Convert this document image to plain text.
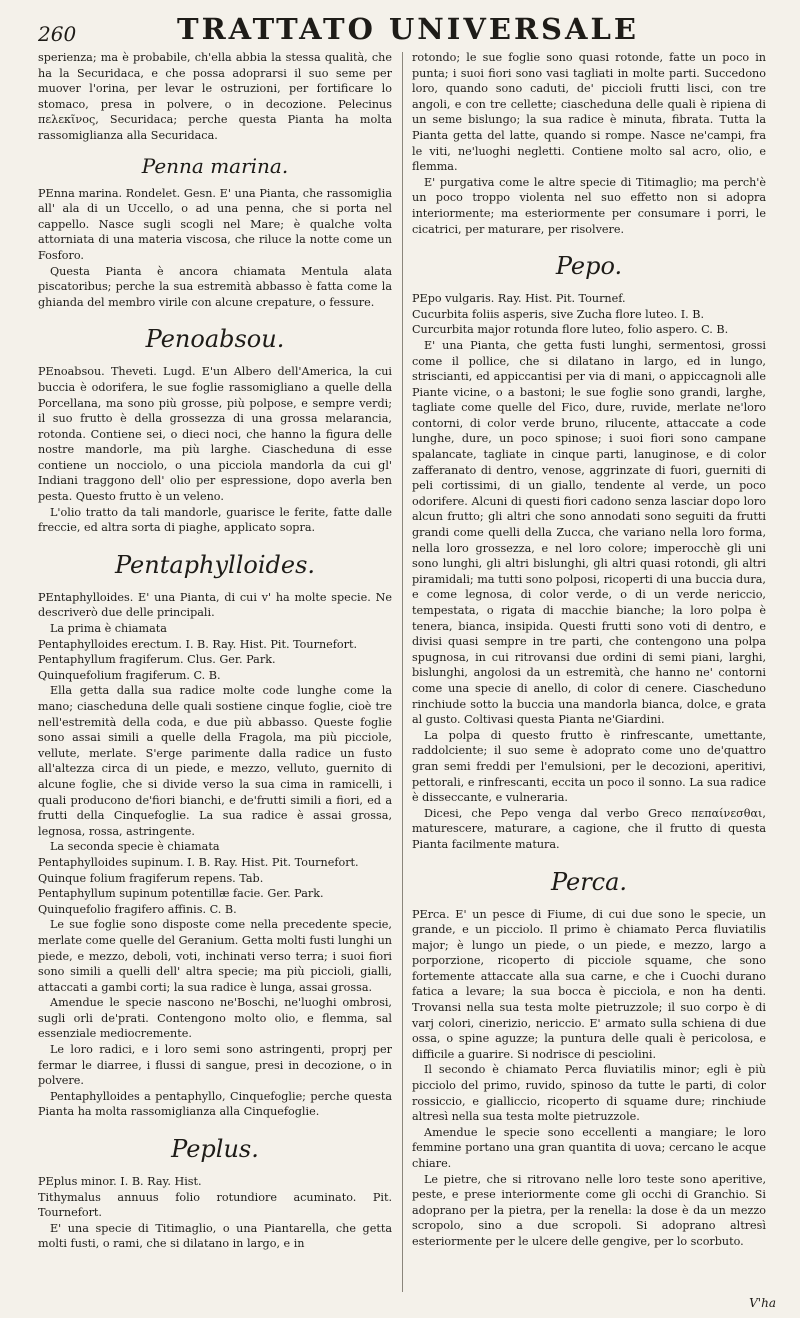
260	TRATTATO UNIVERSALE

sperienza; ma è probabile, ch'ella abbia la stessa qualità, che ha la Securidaca, e che possa adoprarsi il suo seme per muover l'orina, per levar le ostruzioni, per fortificare lo stomaco, presa in polvere, o in decozione. Pelecinus πελεκῖνος, Securidaca; perche questa Pianta ha molta rassomiglianza alla Securidaca.

Penna marina.

PEnna marina. Rondelet. Gesn. E' una Pianta, che rassomiglia all' ala di un Uccello, o ad una penna, che si porta nel cappello. Nasce sugli scogli nel Mare; è qualche volta attorniata di una materia viscosa, che riluce la notte come un Fosforo.

Questa Pianta è ancora chiamata Mentula alata piscatoribus; perche la sua estremità abbasso è fatta come la ghianda del membro virile con alcune crepature, o fessure.

Penoabsou.

PEnoabsou. Theveti. Lugd. E'un Albero dell'America, la cui buccia è odorifera, le sue foglie rassomigliano a quelle della Porcellana, ma sono più grosse, più polpose, e sempre verdi; il suo frutto è della grossezza di una grossa melarancia, rotonda. Contiene sei, o dieci noci, che hanno la figura delle nostre mandorle, ma più larghe. Ciascheduna di esse contiene un nocciolo, o una picciola mandorla da cui gl' Indiani traggono dell' olio per espressione, dopo averla ben pesta. Questo frutto è un veleno.

L'olio tratto da tali mandorle, guarisce le ferite, fatte dalle freccie, ed altra sorta di piaghe, applicato sopra.

Pentaphylloides.

PEntaphylloides. E' una Pianta, di cui v' ha molte specie. Ne descriverò due delle principali.

La prima è chiamata

Pentaphylloides erectum. I. B. Ray. Hist. Pit. Tournefort.

Pentaphyllum fragiferum. Clus. Ger. Park.

Quinquefolium fragiferum. C. B.

Ella getta dalla sua radice molte code lunghe come la mano; ciascheduna delle quali sostiene cinque foglie, cioè tre nell'estremità della coda, e due più abbasso. Queste foglie sono assai simili a quelle della Fragola, ma più picciole, vellute, merlate. S'erge parimente dalla radice un fusto all'altezza circa di un piede, e mezzo, velluto, guernito di alcune foglie, che si divide verso la sua cima in ramicelli, i quali producono de'fiori bianchi, e de'frutti simili a fiori, ed a frutti della Cinquefoglie. La sua radice è assai grossa, legnosa, rossa, astringente.

La seconda specie è chiamata

Pentaphylloides supinum. I. B. Ray. Hist. Pit. Tournefort.

Quinque folium fragiferum repens. Tab.

Pentaphyllum supinum potentillæ facie. Ger. Park.

Quinquefolio fragifero affinis. C. B.

Le sue foglie sono disposte come nella precedente specie, merlate come quelle del Geranium. Getta molti fusti lunghi un piede, e mezzo, deboli, voti, inchinati verso terra; i suoi fiori sono simili a quelli dell' altra specie; ma più piccioli, gialli, attaccati a gambi corti; la sua radice è lunga, assai grossa.

Amendue le specie nascono ne'Boschi, ne'luoghi ombrosi, sugli orli de'prati. Contengono molto olio, e flemma, sal essenziale mediocremente.

Le loro radici, e i loro semi sono astringenti, proprj per fermar le diarree, i flussi di sangue, presi in decozione, o in polvere.

Pentaphylloides a pentaphyllo, Cinquefoglie; perche questa Pianta ha molta rassomiglianza alla Cinquefoglie.

Peplus.

PEplus minor. I. B. Ray. Hist.

Tithymalus annuus folio rotundiore acuminato. Pit. Tournefort.

E' una specie di Titimaglio, o una Piantarella, che getta molti fusti, o rami, che si dilatano in largo, e in

rotondo; le sue foglie sono quasi rotonde, fatte un poco in punta; i suoi fiori sono vasi tagliati in molte parti. Succedono loro, quando sono caduti, de' piccioli frutti lisci, con tre angoli, e con tre cellette; ciascheduna delle quali è ripiena di un seme bislungo; la sua radice è minuta, fibrata. Tutta la Pianta getta del latte, quando si rompe. Nasce ne'campi, fra le viti, ne'luoghi negletti. Contiene molto sal acro, olio, e flemma.

E' purgativa come le altre specie di Titimaglio; ma perch'è un poco troppo violenta nel suo effetto non si adopra interiormente; ma esteriormente per consumare i porri, le cicatrici, per maturare, per risolvere.

Pepo.

PEpo vulgaris. Ray. Hist. Pit. Tournef.

Cucurbita foliis asperis, sive Zucha flore luteo. I. B.

Curcurbita major rotunda flore luteo, folio aspero. C. B.

E' una Pianta, che getta fusti lunghi, sermentosi, grossi come il pollice, che si dilatano in largo, ed in lungo, striscianti, ed appiccantisi per via di mani, o appiccagnoli alle Piante vicine, o a bastoni; le sue foglie sono grandi, larghe, tagliate come quelle del Fico, dure, ruvide, merlate ne'loro contorni, di color verde bruno, rilucente, attaccate a code lunghe, dure, un poco spinose; i suoi fiori sono campane spalancate, tagliate in cinque parti, lanuginose, e di color zafferanato di dentro, venose, aggrinzate di fuori, guerniti di peli cortissimi, di un giallo, tendente al verde, un poco odorifere. Alcuni di questi fiori cadono senza lasciar dopo loro alcun frutto; gli altri che sono annodati sono seguiti da frutti grandi come quelli della Zucca, che variano nella loro forma, nella loro grossezza, e nel loro colore; imperocchè gli uni sono lunghi, gli altri bislunghi, gli altri quasi rotondi, gli altri piramidali; ma tutti sono polposi, ricoperti di una buccia dura, e come legnosa, di color verde, o di un verde nericcio, tempestata, o rigata di macchie bianche; la loro polpa è tenera, bianca, insipida. Questi frutti sono voti di dentro, e divisi quasi sempre in tre parti, che contengono una polpa spugnosa, in cui ritrovansi due ordini di semi piani, larghi, bislunghi, angolosi da un estremità, che hanno ne' contorni come una specie di anello, di color di cenere. Ciascheduno rinchiude sotto la buccia una mandorla bianca, dolce, e grata al gusto. Coltivasi questa Pianta ne'Giardini.

La polpa di questo frutto è rinfrescante, umettante, raddolciente; il suo seme è adoprato come uno de'quattro gran semi freddi per l'emulsioni, per le decozioni, aperitivi, pettorali, e rinfrescanti, eccita un poco il sonno. La sua radice è disseccante, e vulneraria.

Dicesi, che Pepo venga dal verbo Greco πεπαίνεσθαι, maturescere, maturare, a cagione, che il frutto di questa Pianta facilmente matura.

Perca.

PErca. E' un pesce di Fiume, di cui due sono le specie, un grande, e un picciolo. Il primo è chiamato Perca fluviatilis major; è lungo un piede, o un piede, e mezzo, largo a porporzione, ricoperto di picciole squame, che sono fortemente attaccate alla sua carne, e che i Cuochi durano fatica a levare; la sua bocca è picciola, e non ha denti. Trovansi nella sua testa molte pietruzzole; il suo corpo è di varj colori, cinerizio, nericcio. E' armato sulla schiena di due ossa, o spine aguzze; la puntura delle quali è pericolosa, e difficile a guarire. Si nodrisce di pesciolini.

Il secondo è chiamato Perca fluviatilis minor; egli è più picciolo del primo, ruvido, spinoso da tutte le parti, di color rossiccio, e gialliccio, ricoperto di squame dure; rinchiude altresì nella sua testa molte pietruzzole.

Amendue le specie sono eccellenti a mangiare; le loro femmine portano una gran quantita di uova; cercano le acque chiare.

Le pietre, che si ritrovano nelle loro teste sono aperitive, peste, e prese interiormente come gli occhi di Granchio. Si adoprano per la pietra, per la renella: la dose è da un mezzo scropolo, sino a due scropoli. Si adoprano altresì esteriormente per le ulcere delle gengive, per lo scorbuto.

V'ha
